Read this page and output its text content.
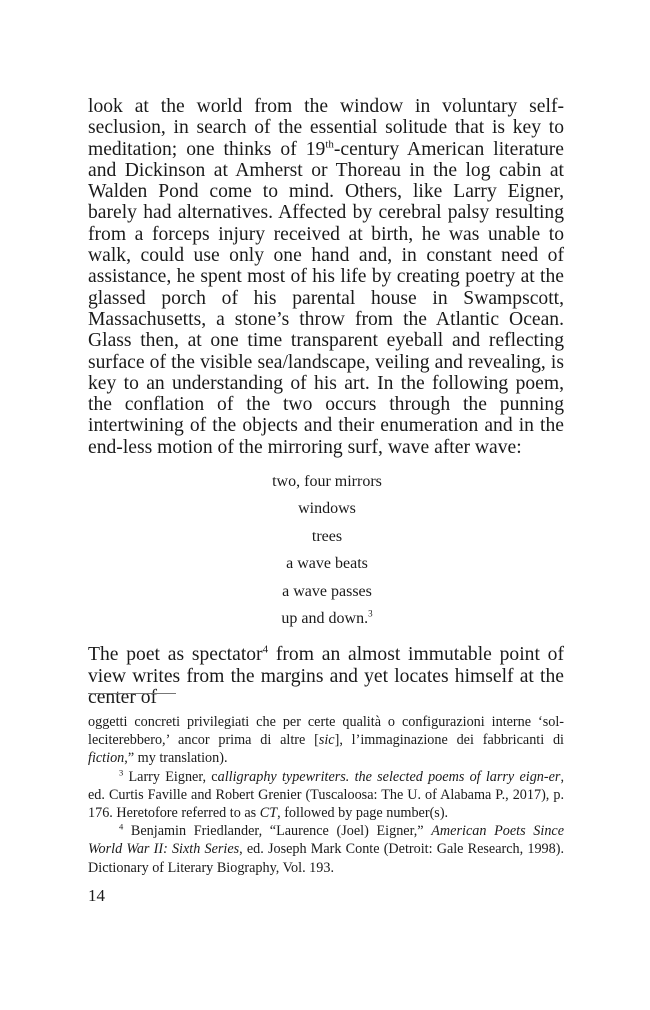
look at the world from the window in voluntary self-seclusion, in search of the essential solitude that is key to meditation; one thinks of 19th-century American literature and Dickinson at Amherst or Thoreau in the log cabin at Walden Pond come to mind. Others, like Larry Eigner, barely had alternatives. Affected by cerebral palsy resulting from a forceps injury received at birth, he was unable to walk, could use only one hand and, in constant need of assistance, he spent most of his life by creating poetry at the glassed porch of his parental house in Swampscott, Massachusetts, a stone’s throw from the Atlantic Ocean. Glass then, at one time transparent eyeball and reflecting surface of the visible sea/landscape, veiling and revealing, is key to an understanding of his art. In the following poem, the conflation of the two occurs through the punning intertwining of the objects and their enumeration and in the end-less motion of the mirroring surf, wave after wave:

two, four mirrors
windows
trees
a wave beats
a wave passes
up and down.$^3$

The poet as spectator$^4$ from an almost immutable point of view writes from the margins and yet locates himself at the center of

oggetti concreti privilegiati che per certe qualità o configurazioni interne ‘sol-leciterebbero,’ ancor prima di altre [sic], l’immaginazione dei fabbricanti di fiction,” my translation).

$^3$ Larry Eigner, calligraphy typewriters. the selected poems of larry eign-er, ed. Curtis Faville and Robert Grenier (Tuscaloosa: The U. of Alabama P., 2017), p. 176. Heretofore referred to as CT, followed by page number(s).

$^4$ Benjamin Friedlander, “Laurence (Joel) Eigner,” American Poets Since World War II: Sixth Series, ed. Joseph Mark Conte (Detroit: Gale Research, 1998). Dictionary of Literary Biography, Vol. 193.

14
